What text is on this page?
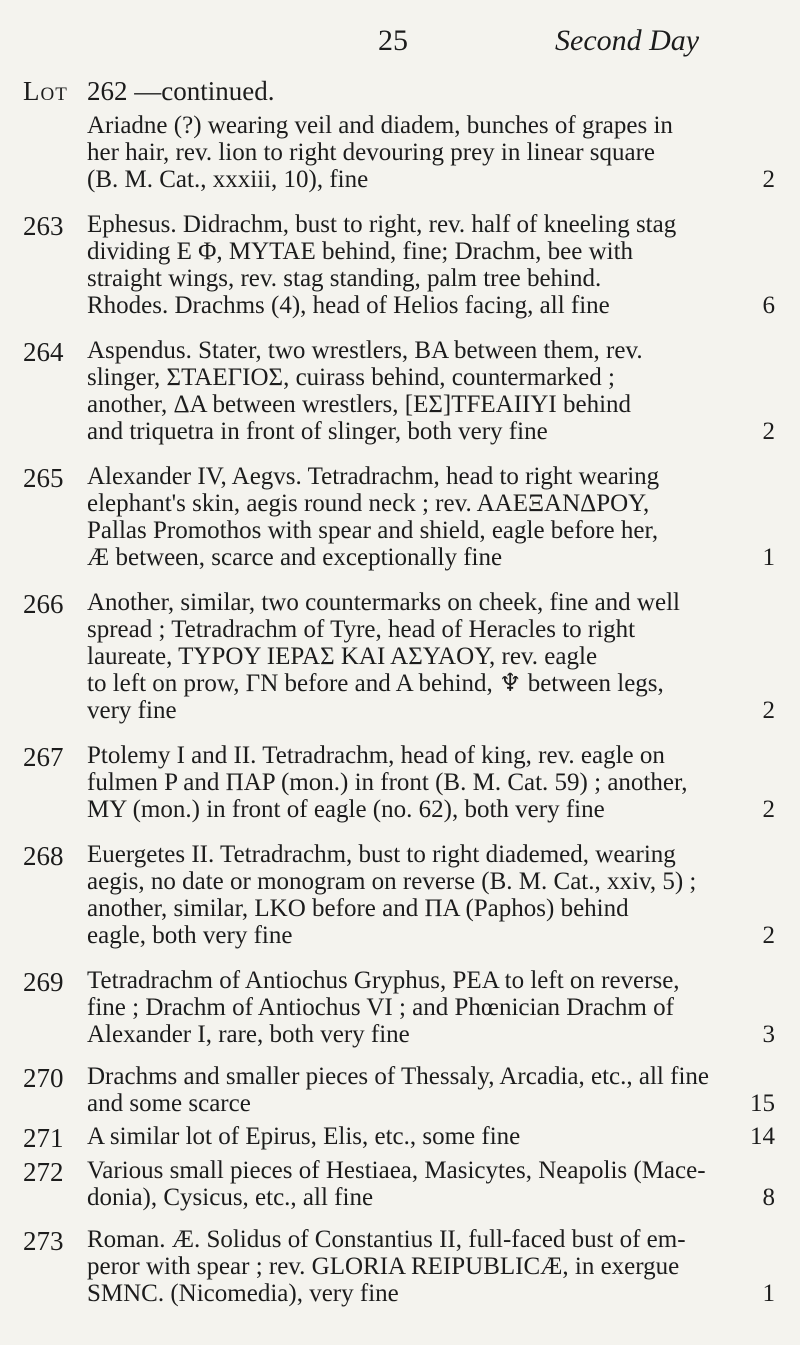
25	Second Day
Lot 262 —continued.
Ariadne (?) wearing veil and diadem, bunches of grapes in
her hair, rev. lion to right devouring prey in linear square
(B. M. Cat., xxxiii, 10), fine	2
263 Ephesus. Didrachm, bust to right, rev. half of kneeling stag
dividing E Φ, MYTAE behind, fine; Drachm, bee with
straight wings, rev. stag standing, palm tree behind.
Rhodes. Drachms (4), head of Helios facing, all fine	6
264 Aspendus. Stater, two wrestlers, BA between them, rev.
slinger, ΣTAEΓIOΣ, cuirass behind, countermarked ;
another, ΔA between wrestlers, [EΣ]TFEAIIYI behind
and triquetra in front of slinger, both very fine	2
265 Alexander IV, Aegvs. Tetradrachm, head to right wearing
elephant's skin, aegis round neck ; rev. AAEΞANΔPOY,
Pallas Promothos with spear and shield, eagle before her,
Æ between, scarce and exceptionally fine	1
266 Another, similar, two countermarks on cheek, fine and well
spread ; Tetradrachm of Tyre, head of Heracles to right
laureate, TYPOY IEPAΣ KAI AΣYAOY, rev. eagle
to left on prow, ΓN before and A behind, ♆ between legs,
very fine	2
267 Ptolemy I and II. Tetradrachm, head of king, rev. eagle on
fulmen P and ΠAP (mon.) in front (B. M. Cat. 59) ; another,
MY (mon.) in front of eagle (no. 62), both very fine	2
268 Euergetes II. Tetradrachm, bust to right diademed, wearing
aegis, no date or monogram on reverse (B. M. Cat., xxiv, 5) ;
another, similar, LKO before and ΠA (Paphos) behind
eagle, both very fine	2
269 Tetradrachm of Antiochus Gryphus, PEA to left on reverse,
fine ; Drachm of Antiochus VI ; and Phœnician Drachm of
Alexander I, rare, both very fine	3
270 Drachms and smaller pieces of Thessaly, Arcadia, etc., all fine
and some scarce	15
271 A similar lot of Epirus, Elis, etc., some fine	14
272 Various small pieces of Hestiaea, Masicytes, Neapolis (Mace-
donia), Cysicus, etc., all fine	8
273 Roman. Æ. Solidus of Constantius II, full-faced bust of em-
peror with spear ; rev. GLORIA REIPUBLICÆ, in exergue
SMNC. (Nicomedia), very fine	1
